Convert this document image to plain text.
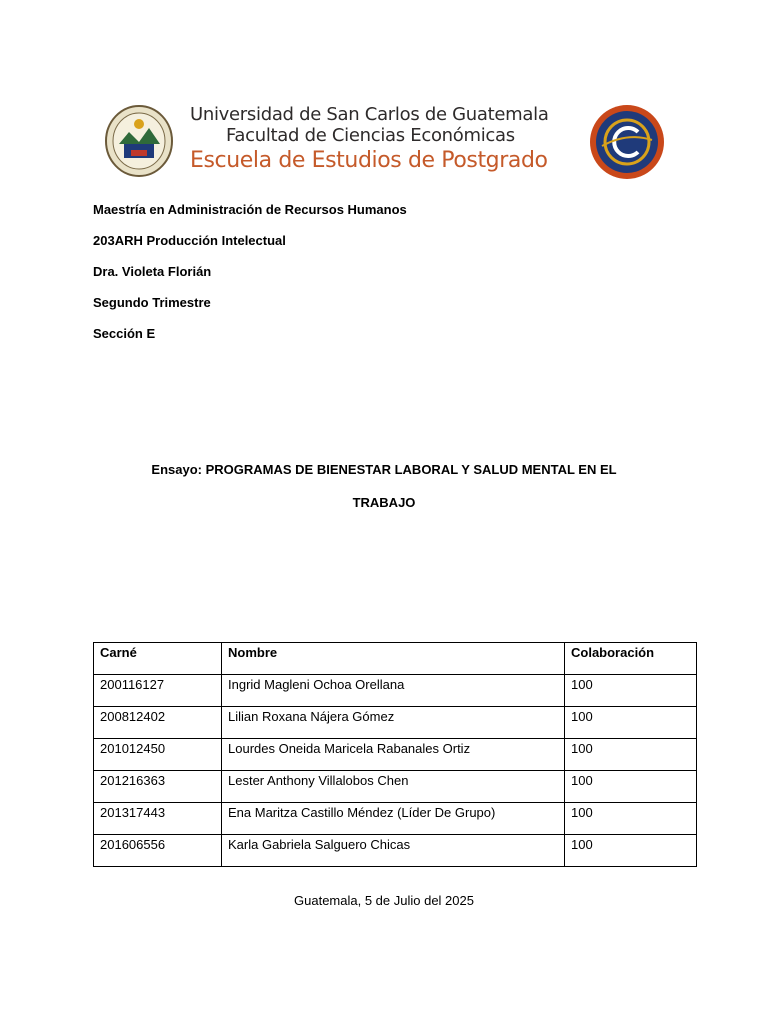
Universidad de San Carlos de Guatemala
Facultad de Ciencias Económicas
Escuela de Estudios de Postgrado
Maestría en Administración de Recursos Humanos
203ARH Producción Intelectual
Dra. Violeta Florián
Segundo Trimestre
Sección E
Ensayo: PROGRAMAS DE BIENESTAR LABORAL Y SALUD MENTAL EN EL
TRABAJO
Carné	Nombre	Colaboración
200116127	Ingrid Magleni Ochoa Orellana	100
200812402	Lilian Roxana Nájera Gómez	100
201012450	Lourdes Oneida Maricela Rabanales Ortiz	100
201216363	Lester Anthony Villalobos Chen	100
201317443	Ena Maritza Castillo Méndez (Líder De Grupo)	100
201606556	Karla Gabriela Salguero Chicas	100
Guatemala, 5 de Julio del 2025
